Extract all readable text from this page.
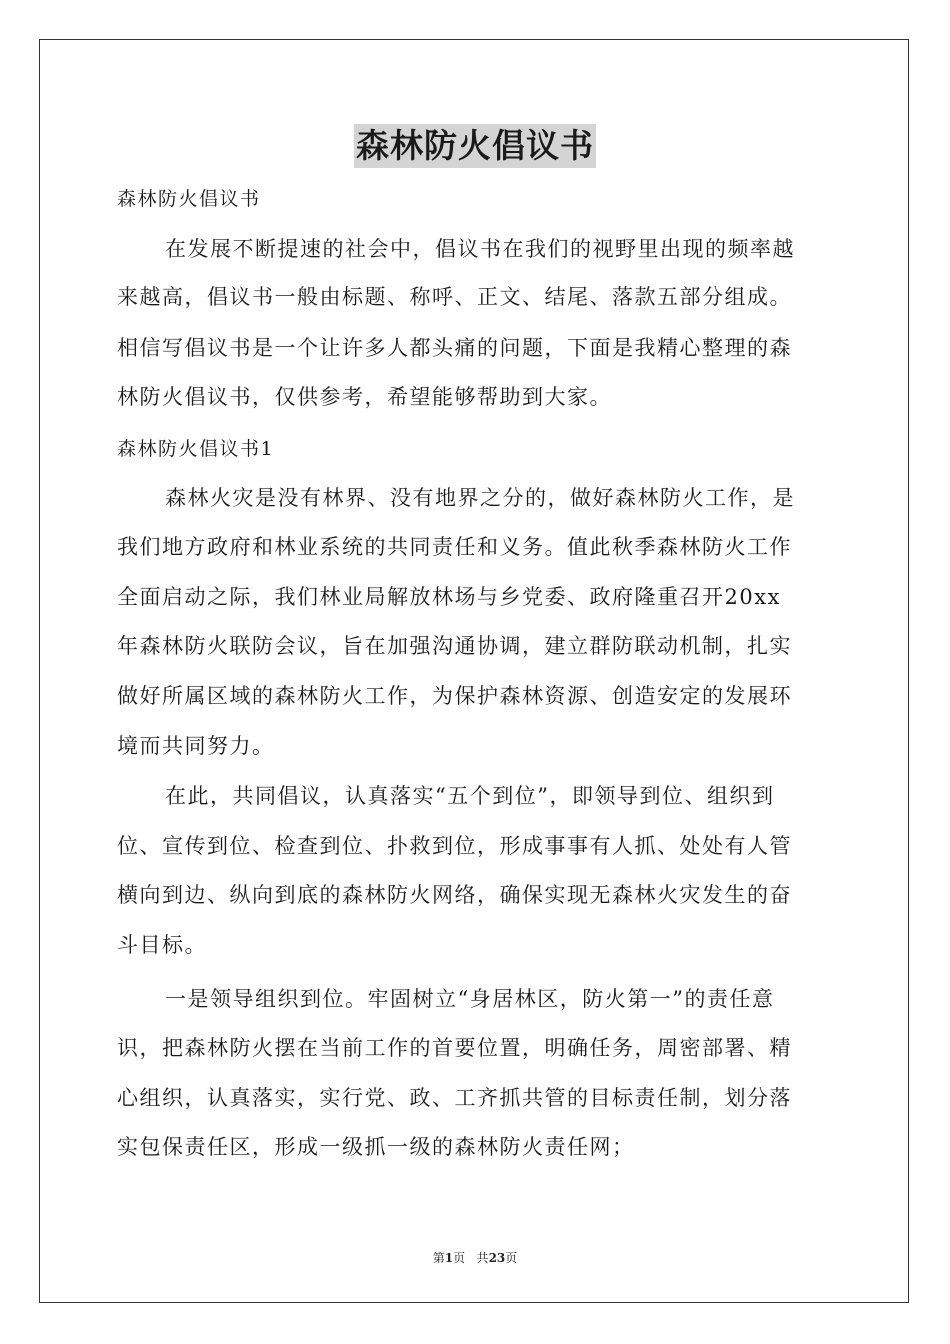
森林防火倡议书
森林防火倡议书
在发展不断提速的社会中，倡议书在我们的视野里出现的频率越
来越高，倡议书一般由标题、称呼、正文、结尾、落款五部分组成。
相信写倡议书是一个让许多人都头痛的问题，下面是我精心整理的森
林防火倡议书，仅供参考，希望能够帮助到大家。
森林防火倡议书1
森林火灾是没有林界、没有地界之分的，做好森林防火工作，是
我们地方政府和林业系统的共同责任和义务。值此秋季森林防火工作
全面启动之际，我们林业局解放林场与乡党委、政府隆重召开20xx
年森林防火联防会议，旨在加强沟通协调，建立群防联动机制，扎实
做好所属区域的森林防火工作，为保护森林资源、创造安定的发展环
境而共同努力。
在此，共同倡议，认真落实“五个到位”，即领导到位、组织到
位、宣传到位、检查到位、扑救到位，形成事事有人抓、处处有人管
横向到边、纵向到底的森林防火网络，确保实现无森林火灾发生的奋
斗目标。
一是领导组织到位。牢固树立“身居林区，防火第一”的责任意
识，把森林防火摆在当前工作的首要位置，明确任务，周密部署、精
心组织，认真落实，实行党、政、工齐抓共管的目标责任制，划分落
实包保责任区，形成一级抓一级的森林防火责任网；
第1页 共23页
